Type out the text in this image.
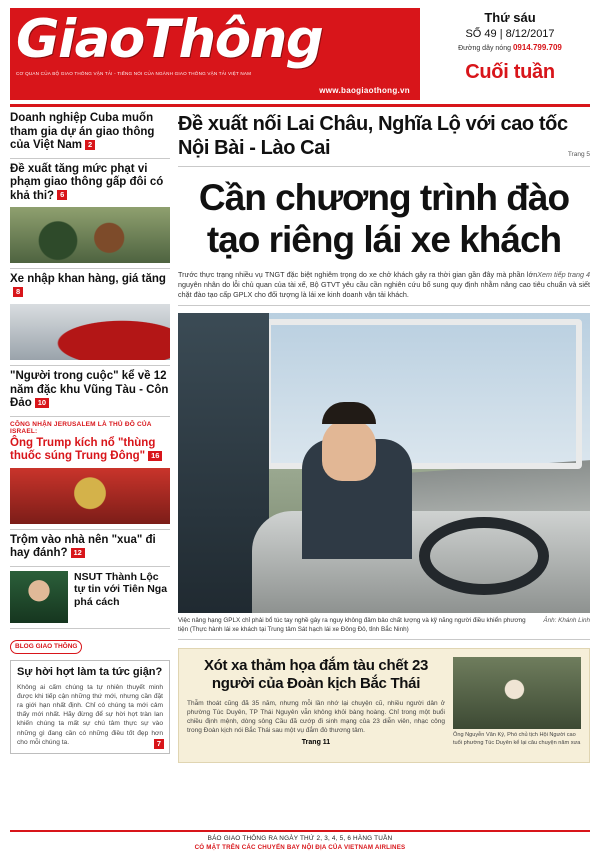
GiaoThông
CƠ QUAN CỦA BỘ GIAO THÔNG VẬN TẢI - TIẾNG NÓI CỦA NGÀNH GIAO THÔNG VẬN TẢI VIỆT NAM
www.baogiaothong.vn
Thứ sáu
SỐ 49 | 8/12/2017
Đường dây nóng 0914.799.709
Cuối tuần
Doanh nghiệp Cuba muốn tham gia dự án giao thông của Việt Nam 2
Đề xuất tăng mức phạt vi phạm giao thông gấp đôi có khả thi? 6
Xe nhập khan hàng, giá tăng8
"Người trong cuộc" kể về 12 năm đặc khu Vũng Tàu - Côn Đảo 10
CÔNG NHẬN JERUSALEM LÀ THỦ ĐÔ CỦA ISRAEL:
Ông Trump kích nổ "thùng thuốc súng Trung Đông" 16
Trộm vào nhà nên "xua" đi hay đánh? 12
NSUT Thành Lộc tự tin với Tiên Nga phá cách
BLOG GIAO THÔNG
Sự hời hợt làm ta tức giận?
Không ai cấm chúng ta tự nhiên thuyết minh được khi tiếp cận những thứ mới, nhưng cần đặt ra giới hạn nhất định. Chỉ có chúng ta mới cảm thấy mới nhất. Hãy đừng để sự hời hợt tràn lan khiến chúng ta mất sự chú tâm thực sự vào những gì đang cần có những điều tốt đẹp hơn cho mỗi chúng ta.	7
Đề xuất nối Lai Châu, Nghĩa Lộ với cao tốc Nội Bài - Lào Cai	Trang 5
Cần chương trình đào tạo riêng lái xe khách
Xem tiếp trang 4
Trước thực trạng nhiều vụ TNGT đặc biệt nghiêm trọng do xe chở khách gây ra thời gian gần đây mà phần lớn nguyên nhân do lỗi chủ quan của tài xế, Bộ GTVT yêu cầu cần nghiên cứu bổ sung quy định nhằm nâng cao tiêu chuẩn và siết chặt đào tạo cấp GPLX cho đối tượng là lái xe kinh doanh vận tải khách.
Việc nâng hạng GPLX chỉ phải bổ túc tay nghề gây ra nguy không đảm bảo chất lượng và kỹ năng người điều khiển phương tiện (Thực hành lái xe khách tại Trung tâm Sát hạch lái xe Đông Đô, tỉnh Bắc Ninh)
Ảnh: Khánh Linh
Xót xa thảm họa đắm tàu chết 23 người của Đoàn kịch Bắc Thái
Thẫm thoát cũng đã 35 năm, nhưng mỗi lần nhớ lại chuyện cũ, nhiều người dân ở phường Túc Duyên, TP Thái Nguyên vẫn không khỏi bàng hoàng. Chỉ trong một buổi chiều định mệnh, dòng sông Cầu đã cướp đi sinh mạng của 23 diễn viên, nhạc công trong Đoàn kịch nói Bắc Thái sau một vụ đắm đò thương tâm.
Trang 11
Ông Nguyễn Văn Ký, Phó chủ tịch Hội Người cao tuổi phường Túc Duyên kể lại câu chuyện năm xưa
BÁO GIAO THÔNG RA NGÀY THỨ 2, 3, 4, 5, 6 HÀNG TUẦN
CÓ MẶT TRÊN CÁC CHUYẾN BAY NỘI ĐỊA CỦA VIETNAM AIRLINES
